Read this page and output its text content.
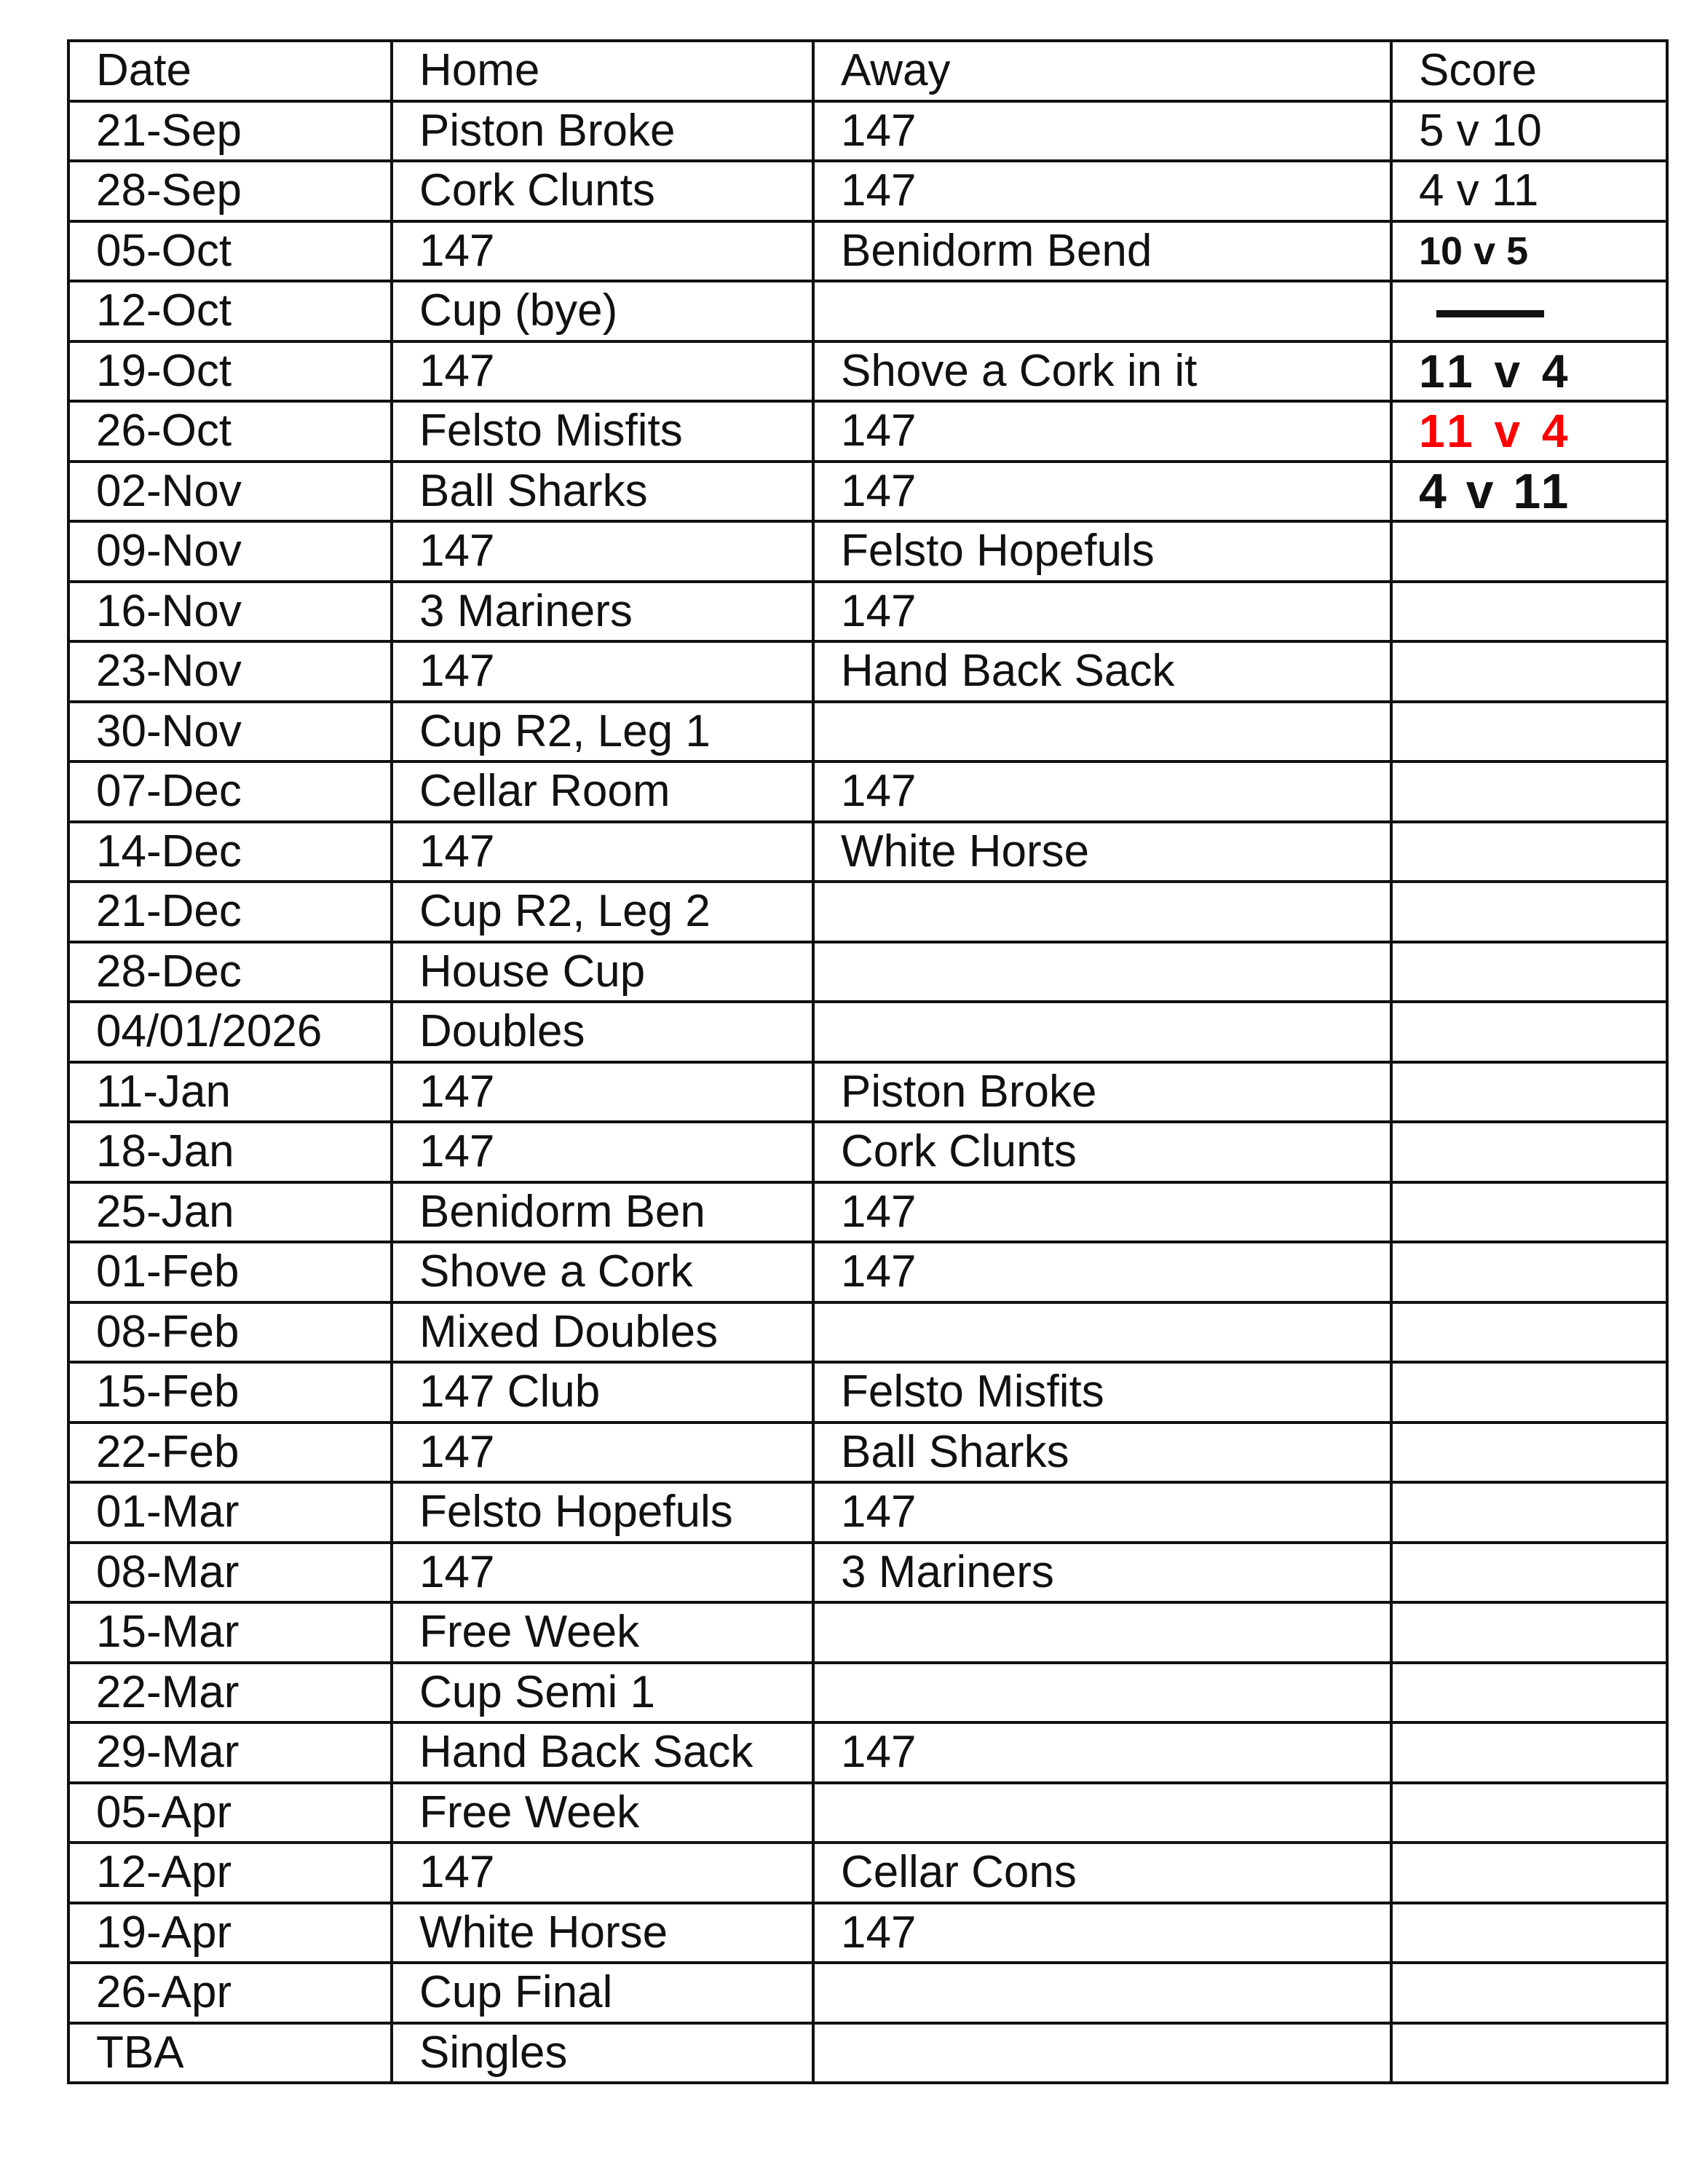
Date	Home	Away	Score
21-Sep	Piston Broke	147	5 v 10
28-Sep	Cork Clunts	147	4 v 11
05-Oct	147	Benidorm Bend	10 v 5
12-Oct	Cup (bye)		
19-Oct	147	Shove a Cork in it	11 v 4
26-Oct	Felsto Misfits	147	11 v 4
02-Nov	Ball Sharks	147	4 v 11
09-Nov	147	Felsto Hopefuls	
16-Nov	3 Mariners	147	
23-Nov	147	Hand Back Sack	
30-Nov	Cup R2, Leg 1		
07-Dec	Cellar Room	147	
14-Dec	147	White Horse	
21-Dec	Cup R2, Leg 2		
28-Dec	House Cup		
04/01/2026	Doubles		
11-Jan	147	Piston Broke	
18-Jan	147	Cork Clunts	
25-Jan	Benidorm Ben	147	
01-Feb	Shove a Cork	147	
08-Feb	Mixed Doubles		
15-Feb	147 Club	Felsto Misfits	
22-Feb	147	Ball Sharks	
01-Mar	Felsto Hopefuls	147	
08-Mar	147	3 Mariners	
15-Mar	Free Week		
22-Mar	Cup Semi 1		
29-Mar	Hand Back Sack	147	
05-Apr	Free Week		
12-Apr	147	Cellar Cons	
19-Apr	White Horse	147	
26-Apr	Cup Final		
TBA	Singles		
